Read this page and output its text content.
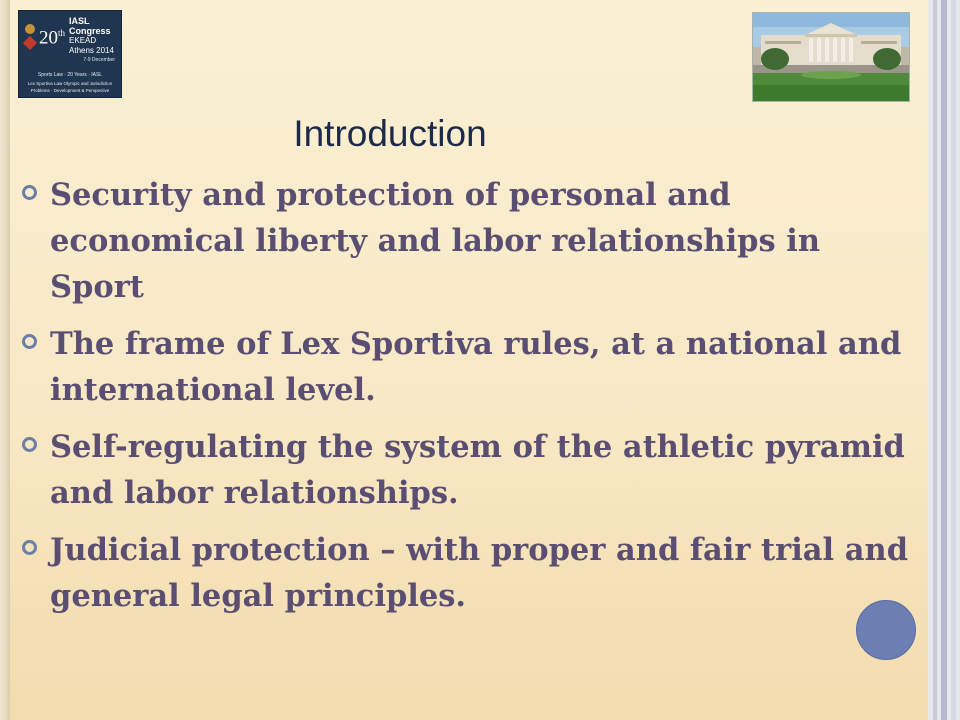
20th
IASL Congress
EKEAD Athens 2014
7-9 December
Sports Law · 20 Years · IASL
Lex Sportiva Law Olympic and Jurisdiction Problems · Development & Perspective
Introduction
Security and protection of personal and economical liberty and labor relationships in Sport
The frame of Lex Sportiva rules, at a national and international level.
Self-regulating the system of the athletic pyramid and labor relationships.
Judicial protection – with proper and fair trial and general legal principles.
